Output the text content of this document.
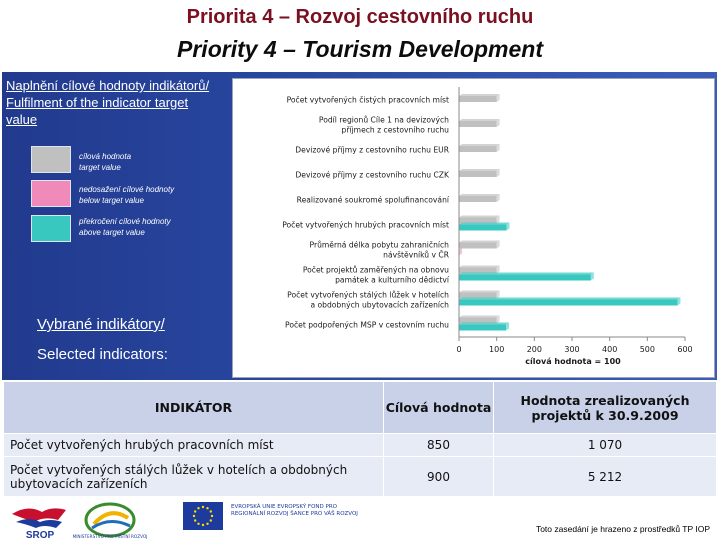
Priorita 4 – Rozvoj cestovního ruchu
Priority 4 – Tourism Development
Naplnění cílové hodnoty indikátorů/ Fulfilment of the indicator target value
cílová hodnota
target value
nedosažení cílové hodnoty
below target value
překročení cílové hodnoty
above target value
Vybrané indikátory/
Selected indicators:
Počet vytvořených čistých pracovních míst
Podíl regionů Cíle 1 na devizových příjmech z cestovního ruchu
Devizové příjmy z cestovního ruchu EUR
Devizové příjmy z cestovního ruchu CZK
Realizované soukromé spolufinancování
Počet vytvořených hrubých pracovních míst
Průměrná délka pobytu zahraničních návštěvníků v ČR
Počet projektů zaměřených na obnovu památek a kulturního dědictví
Počet vytvořených stálých lůžek v hotelích a obdobných ubytovacích zařízeních
Počet podpořených MSP v cestovním ruchu
0	100	200	300	400	500	600
cílová hodnota = 100
INDIKÁTOR	Cílová hodnota	Hodnota zrealizovaných projektů k 30.9.2009
Počet vytvořených hrubých pracovních míst	850	1 070
Počet vytvořených stálých lůžek v hotelích a obdobných ubytovacích zařízeních	900	5 212
SROP	MINISTERSTVO PRO MÍSTNÍ ROZVOJ
EVROPSKÁ UNIE EVROPSKÝ FOND PRO REGIONÁLNÍ ROZVOJ ŠANCE PRO VÁŠ ROZVOJ
Toto zasedání je hrazeno z prostředků TP IOP
